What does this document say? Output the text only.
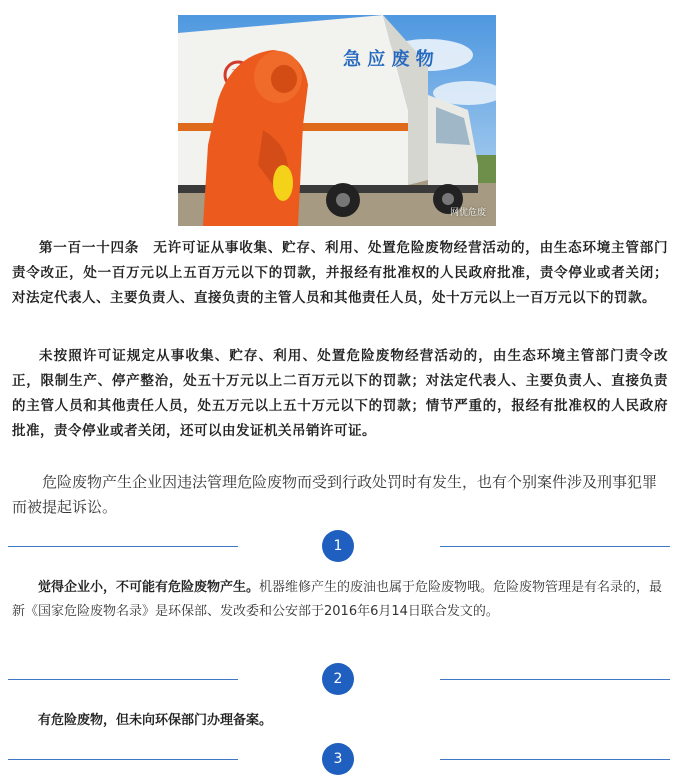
急 应 废 物
网优危废

第一百一十四条　无许可证从事收集、贮存、利用、处置危险废物经营活动的，由生态环境主管部门责令改正，处一百万元以上五百万元以下的罚款，并报经有批准权的人民政府批准，责令停业或者关闭；对法定代表人、主要负责人、直接负责的主管人员和其他责任人员，处十万元以上一百万元以下的罚款。

未按照许可证规定从事收集、贮存、利用、处置危险废物经营活动的，由生态环境主管部门责令改正，限制生产、停产整治，处五十万元以上二百万元以下的罚款；对法定代表人、主要负责人、直接负责的主管人员和其他责任人员，处五万元以上五十万元以下的罚款；情节严重的，报经有批准权的人民政府批准，责令停业或者关闭，还可以由发证机关吊销许可证。

危险废物产生企业因违法管理危险废物而受到行政处罚时有发生，也有个别案件涉及刑事犯罪而被提起诉讼。

1

觉得企业小，不可能有危险废物产生。机器维修产生的废油也属于危险废物哦。危险废物管理是有名录的，最新《国家危险废物名录》是环保部、发改委和公安部于2016年6月14日联合发文的。

2

有危险废物，但未向环保部门办理备案。

3
